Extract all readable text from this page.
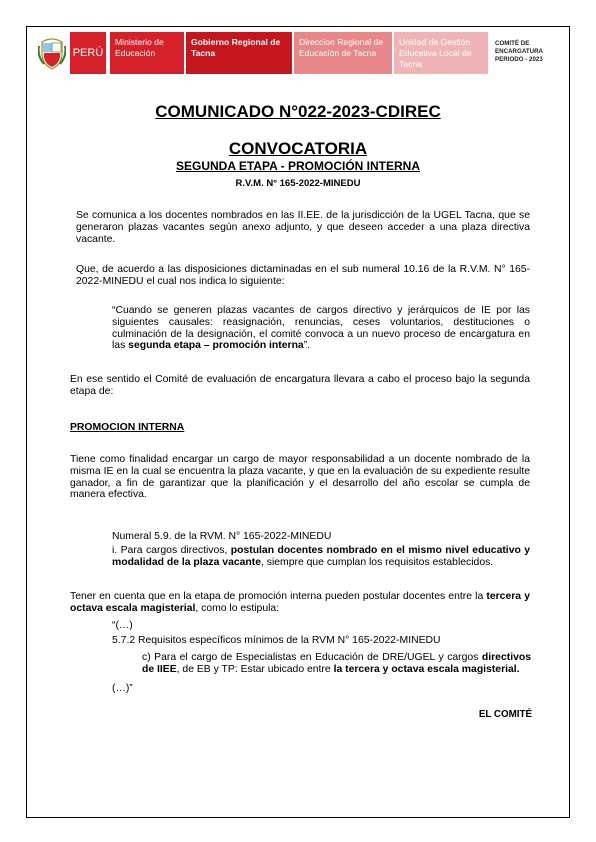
PERÚ
Ministerio de
Educación
Gobierno Regional de
Tacna
Direccion Regional de
Educación de Tacna
Unidad de Gestión
Educativa Local de Tacna
COMITÉ DE
ENCARGATURA
PERIODO - 2023
COMUNICADO N°022-2023-CDIREC
CONVOCATORIA
SEGUNDA ETAPA - PROMOCIÓN INTERNA
R.V.M. N° 165-2022-MINEDU
Se comunica a los docentes nombrados en las II.EE. de la jurisdicción de la UGEL Tacna, que se generaron plazas vacantes según anexo adjunto, y que deseen acceder a una plaza directiva vacante.
Que, de acuerdo a las disposiciones dictaminadas en el sub numeral 10.16 de la R.V.M. N° 165-2022-MINEDU el cual nos indica lo siguiente:
“Cuando se generen plazas vacantes de cargos directivo y jerárquicos de IE por las siguientes causales: reasignación, renuncias, ceses voluntarios, destituciones o culminación de la designación, el comité convoca a un nuevo proceso de encargatura en las segunda etapa – promoción interna”.
En ese sentido el Comité de evaluación de encargatura llevara a cabo el proceso bajo la segunda etapa de:
PROMOCION INTERNA
Tiene como finalidad encargar un cargo de mayor responsabilidad a un docente nombrado de la misma IE en la cual se encuentra la plaza vacante, y que en la evaluación de su expediente resulte ganador, a fin de garantizar que la planificación y el desarrollo del año escolar se cumpla de manera efectiva.
Numeral 5.9. de la RVM. N° 165-2022-MINEDU
i. Para cargos directivos, postulan docentes nombrado en el mismo nivel educativo y modalidad de la plaza vacante, siempre que cumplan los requisitos establecidos.
Tener en cuenta que en la etapa de promoción interna pueden postular docentes entre la tercera y octava escala magisterial, como lo estipula:
“(…)
5.7.2 Requisitos específicos mínimos de la RVM N° 165-2022-MINEDU
c) Para el cargo de Especialistas en Educación de DRE/UGEL y cargos directivos de IIEE, de EB y TP: Estar ubicado entre la tercera y octava escala magisterial.
(…)”
EL COMITÉ
